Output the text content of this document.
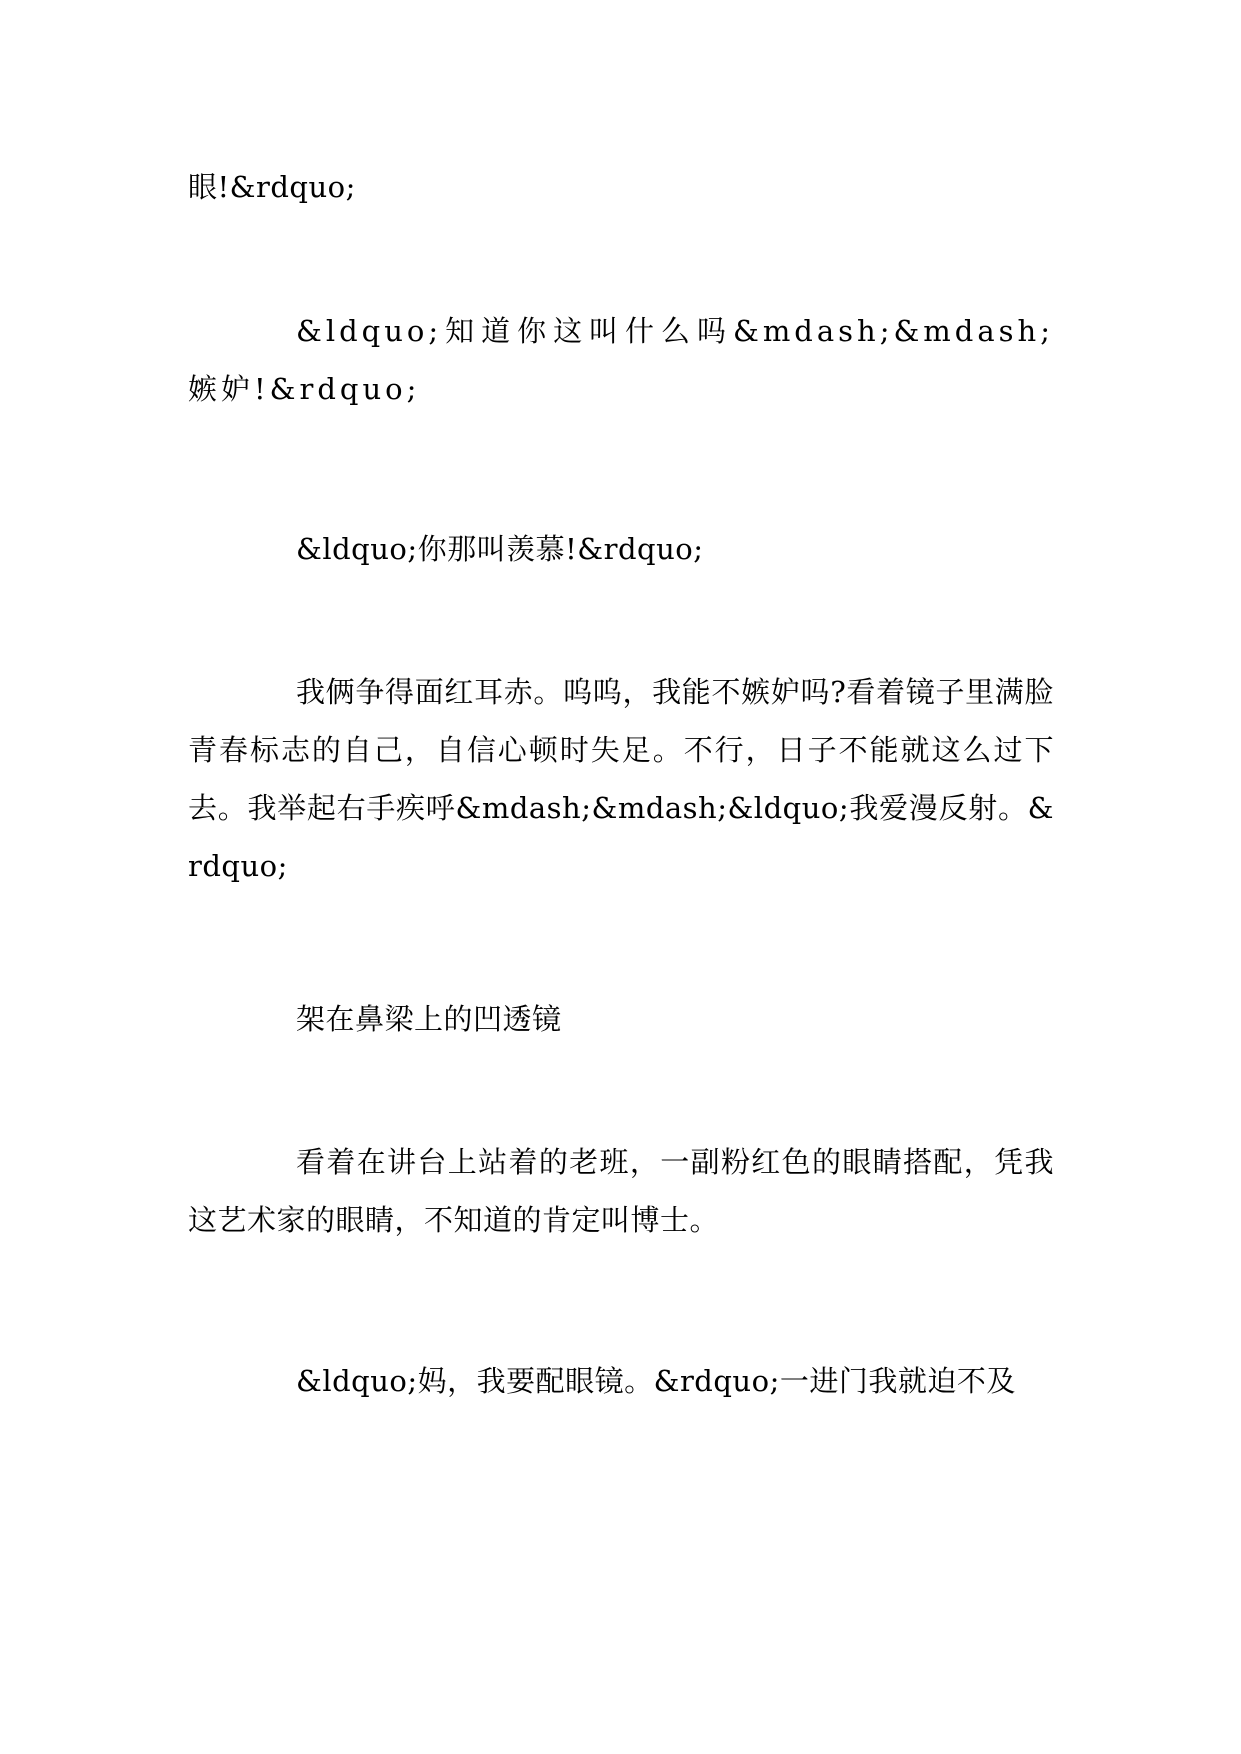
眼!&rdquo;

&ldquo;知道你这叫什么吗&mdash;&mdash;嫉妒!&rdquo;

&ldquo;你那叫羡慕!&rdquo;

我俩争得面红耳赤。呜呜，我能不嫉妒吗?看着镜子里满脸青春标志的自己，自信心顿时失足。不行，日子不能就这么过下去。我举起右手疾呼&mdash;&mdash;&ldquo;我爱漫反射。&rdquo;

架在鼻梁上的凹透镜

看着在讲台上站着的老班，一副粉红色的眼睛搭配，凭我这艺术家的眼睛，不知道的肯定叫博士。

&ldquo;妈，我要配眼镜。&rdquo;一进门我就迫不及
